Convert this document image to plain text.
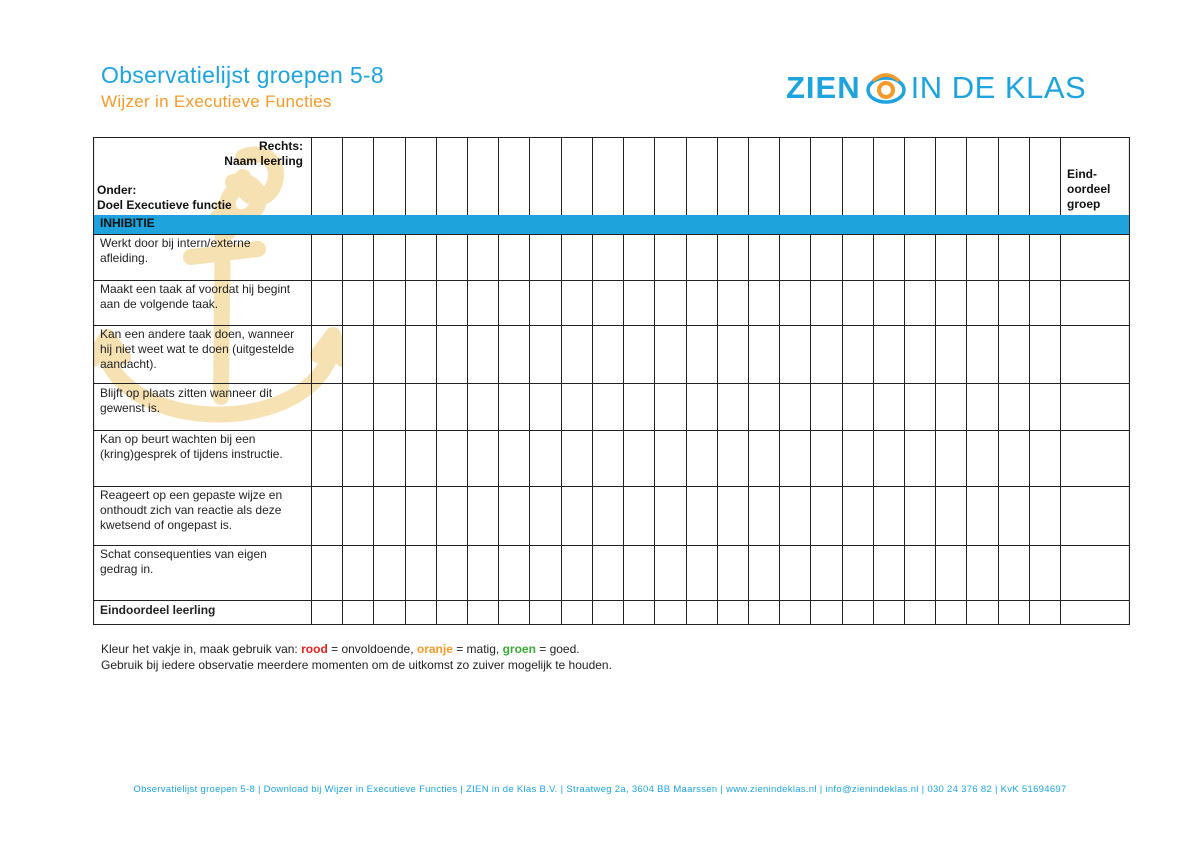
Observatielijst groepen 5-8
Wijzer in Executieve Functies	ZIEN IN DE KLAS
Rechts:
Naam leerling
Onder:
Doel Executieve functie
Eind-
oordeel
groep
INHIBITIE
Werkt door bij intern/externe afleiding.
Maakt een taak af voordat hij begint aan de volgende taak.
Kan een andere taak doen, wanneer hij niet weet wat te doen (uitgestelde aandacht).
Blijft op plaats zitten wanneer dit gewenst is.
Kan op beurt wachten bij een (kring)gesprek of tijdens instructie.
Reageert op een gepaste wijze en onthoudt zich van reactie als deze kwetsend of ongepast is.
Schat consequenties van eigen gedrag in.
Eindoordeel leerling
Kleur het vakje in, maak gebruik van: rood = onvoldoende, oranje = matig, groen = goed.
Gebruik bij iedere observatie meerdere momenten om de uitkomst zo zuiver mogelijk te houden.
Observatielijst groepen 5-8 | Download bij Wijzer in Executieve Functies | ZIEN in de Klas B.V. | Straatweg 2a, 3604 BB Maarssen | www.zienindeklas.nl | info@zienindeklas.nl | 030 24 376 82 | KvK 51694697
